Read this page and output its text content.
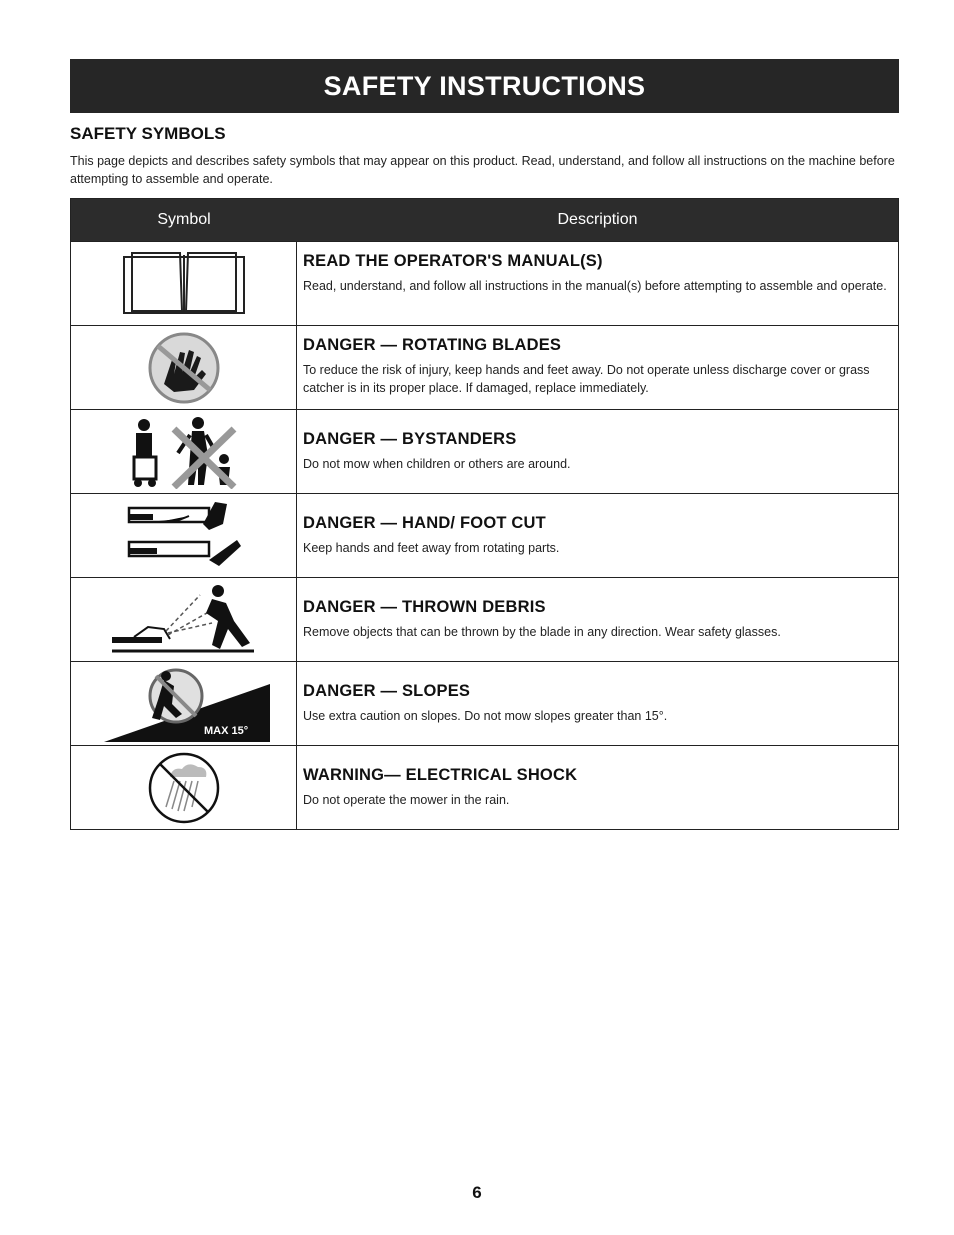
SAFETY INSTRUCTIONS
SAFETY SYMBOLS
This page depicts and describes safety symbols that may appear on this product. Read, understand, and follow all instructions on the machine before attempting to assemble and operate.
Symbol	Description
READ THE OPERATOR'S MANUAL(S)
Read, understand, and follow all instructions in the manual(s) before attempting to assemble and operate.
DANGER — ROTATING BLADES
To reduce the risk of injury, keep hands and feet away. Do not operate unless discharge cover or grass catcher is in its proper place. If damaged, replace immediately.
DANGER — BYSTANDERS
Do not mow when children or others are around.
DANGER — HAND/ FOOT CUT
Keep hands and feet away from rotating parts.
DANGER — THROWN DEBRIS
Remove objects that can be thrown by the blade in any direction. Wear safety glasses.
MAX 15°
DANGER — SLOPES
Use extra caution on slopes. Do not mow slopes greater than 15°.
WARNING— ELECTRICAL SHOCK
Do not operate the mower in the rain.
6
